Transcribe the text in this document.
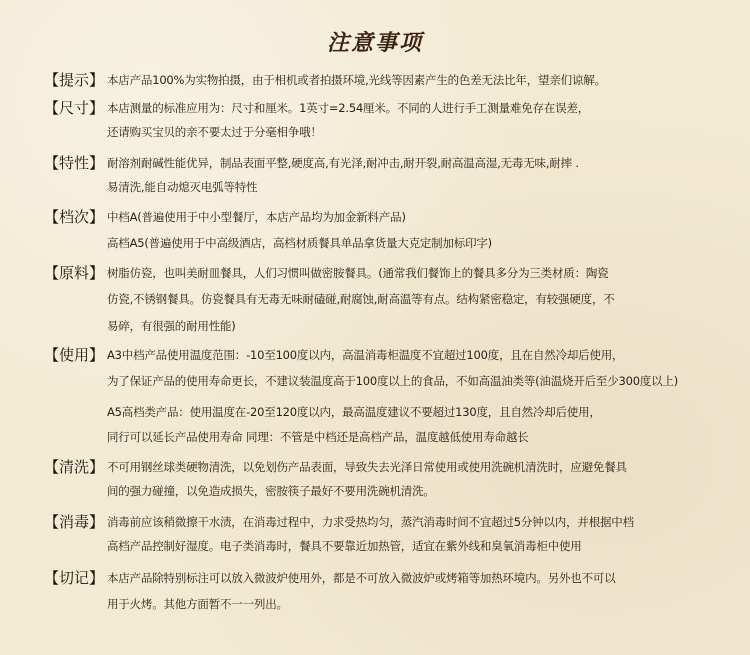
注意事项
【提示】 本店产品100%为实物拍摄，由于相机或者拍摄环境,光线等因素产生的色差无法比年，望亲们谅解。
【尺寸】 本店测量的标准应用为：尺寸和厘米。1英寸=2.54厘米。不同的人进行手工测量难免存在误差，
还请购买宝贝的亲不要太过于分毫相争哦！
【特性】 耐溶剂耐碱性能优异，制品表面平整,硬度高,有光泽,耐冲击,耐开裂,耐高温高湿,无毒无味,耐摔 .
易清洗,能自动熄灭电弧等特性
【档次】 中档A(普遍使用于中小型餐厅，本店产品均为加金新料产品)
高档A5(普遍使用于中高级酒店，高档材质餐具单品拿货量大克定制加标印字)
【原料】 树脂仿瓷，也叫美耐皿餐具，人们习惯叫做密胺餐具。(通常我们餐饰上的餐具多分为三类材质：陶瓷
仿瓷,不锈钢餐具。仿瓷餐具有无毒无味耐磕碰,耐腐蚀,耐高温等有点。结构紧密稳定，有较强硬度，不
易碎，有很强的耐用性能)
【使用】 A3中档产品使用温度范围：-10至100度以内，高温消毒柜温度不宜超过100度，且在自然冷却后使用，
为了保证产品的使用寿命更长，不建议装温度高于100度以上的食品，不如高温油类等(油温烧开后至少300度以上)
A5高档类产品：使用温度在-20至120度以内，最高温度建议不要超过130度，且自然冷却后使用，
同行可以延长产品使用寿命 同理：不管是中档还是高档产品，温度越低使用寿命越长
【清洗】 不可用钢丝球类硬物清洗，以免划伤产品表面，导致失去光泽日常使用或使用洗碗机清洗时，应避免餐具
间的强力碰撞，以免造成损失，密胺筷子最好不要用洗碗机清洗。
【消毒】 消毒前应该稍微擦干水渍，在消毒过程中，力求受热均匀，蒸汽消毒时间不宜超过5分钟以内，并根据中档
高档产品控制好湿度。电子类消毒时，餐具不要靠近加热管，适宜在紫外线和臭氧消毒柜中使用
【切记】 本店产品除特别标注可以放入微波炉使用外，都是不可放入微波炉或烤箱等加热环境内。另外也不可以
用于火烤。其他方面暂不一一列出。
